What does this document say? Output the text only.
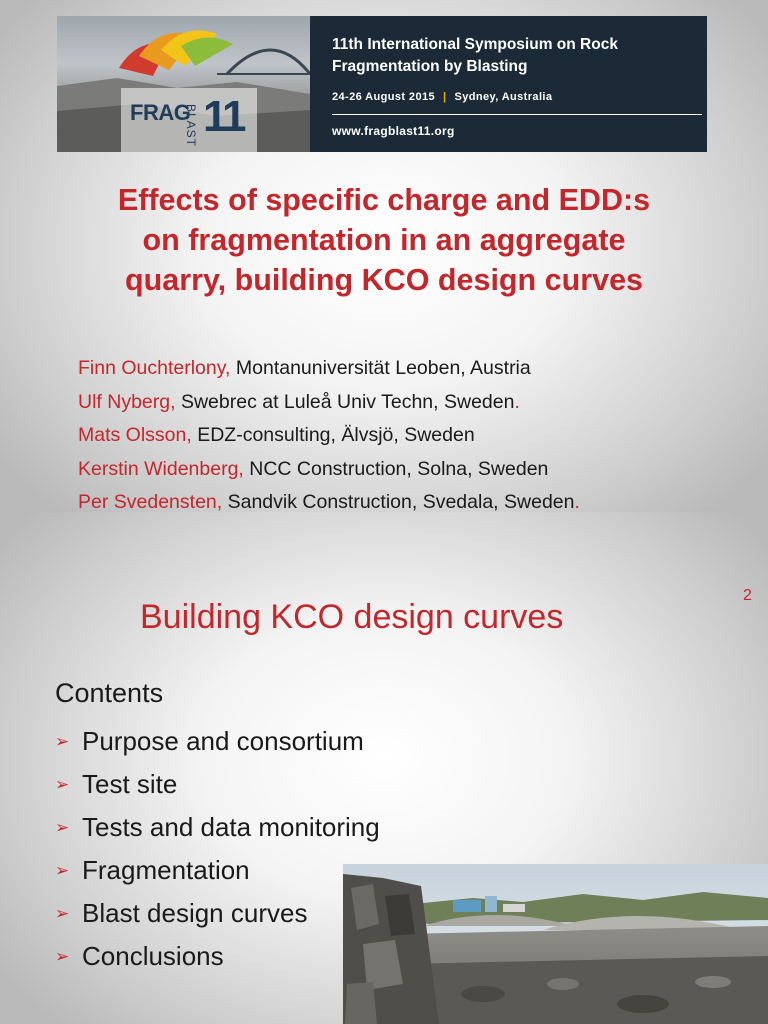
FRAG
BLAST 11
11th International Symposium on Rock
Fragmentation by Blasting
24-26 August 2015 | Sydney, Australia
www.fragblast11.org
Effects of specific charge and EDD:s
on fragmentation in an aggregate
quarry, building KCO design curves
Finn Ouchterlony, Montanuniversität Leoben, Austria
Ulf Nyberg, Swebrec at Luleå Univ Techn, Sweden.
Mats Olsson, EDZ-consulting, Älvsjö, Sweden
Kerstin Widenberg, NCC Construction, Solna, Sweden
Per Svedensten, Sandvik Construction, Svedala, Sweden.
2
Building KCO design curves
Contents
➢ Purpose and consortium
➢ Test site
➢ Tests and data monitoring
➢ Fragmentation
➢ Blast design curves
➢ Conclusions
